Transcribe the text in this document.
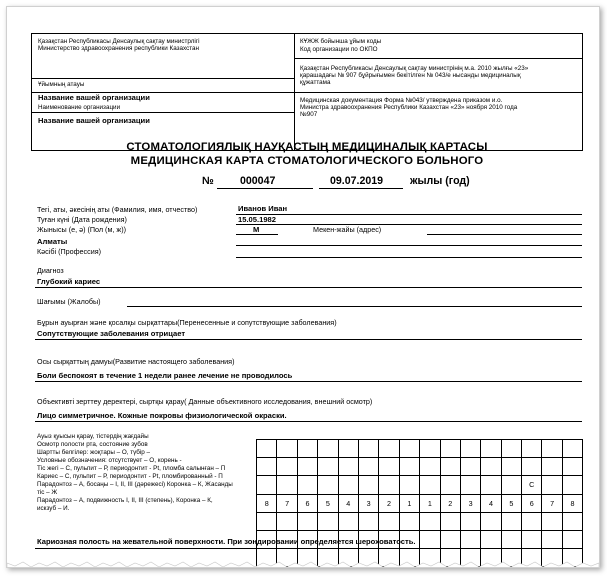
Қазақстан Республикасы Денсаулық сақтау министрлігі
Министерство здравоохранения республики Казахстан
КҰЖЖ бойынша ұйым коды
Код организации по ОКПО
Ұйымның атауы
Название вашей организации
Наименование организации
Название вашей организации
Қазақстан Республикасы Денсаулық сақтау министрінің м.а. 2010 жылғы «23»
қарашадағы № 907 бұйрығымен бекітілген № 043/е нысанды медициналық
құжаттама
Медицинская документация Форма №043/ утверждена приказом и.о.
Министра здравоохранения Республики Казахстан «23» ноября 2010 года
№907
СТОМАТОЛОГИЯЛЫҚ НАУҚАСТЫҢ МЕДИЦИНАЛЫҚ КАРТАСЫ
МЕДИЦИНСКАЯ КАРТА СТОМАТОЛОГИЧЕСКОГО БОЛЬНОГО
№ 000047	09.07.2019	жылы (год)
Тегі, аты, әкесінің аты (Фамилия, имя, отчество)	Иванов Иван
Туған күні (Дата рождения)	15.05.1982
Жынысы (е, ә) (Пол (м, ж))	М	Мекен-жайы (адрес)
Алматы
Кәсібі (Профессия)
Диагноз
Глубокий кариес
Шағымы (Жалобы)
Бұрын ауырған және қосалқы сырқаттары(Перенесенные и сопутствующие заболевания)
Сопутствующие заболевания отрицает
Осы сырқаттың дамуы(Развитие настоящего заболевания)
Боли беспокоят в течение 1 недели ранее лечение не проводилось
Объективті зерттеу деректері, сыртқы қарау( Данные объективного исследования, внешний осмотр)
Лицо симметричное. Кожные покровы физиологической окраски.
Ауыз қуысын қарау, тістердің жағдайы
Осмотр полости рта, состояние зубов
Шартты белгілер: жоқтары – О, түбір –
Условные обозначения: отсутствует – О, корень -
Тіс жегі – С, пульпит – Р, периодонтит - Pt, пломба салынған – П
Кариес – С, пульпит – Р, периодонтит - Pt, пломбированный - П
Парадонтоз – А, босаңы – I, II, III (дәрежесі) Коронка – К, Жасанды
тіс – Ж
Парадонтоз – А, подвижность I, II, III (степень), Коронка – К,
искзуб – И.

													С		
8	7	6	5	4	3	2	1	1	2	3	4	5	6	7	8

Кариозная полость на жевательной поверхности. При зондировании определяется шероховатость.
